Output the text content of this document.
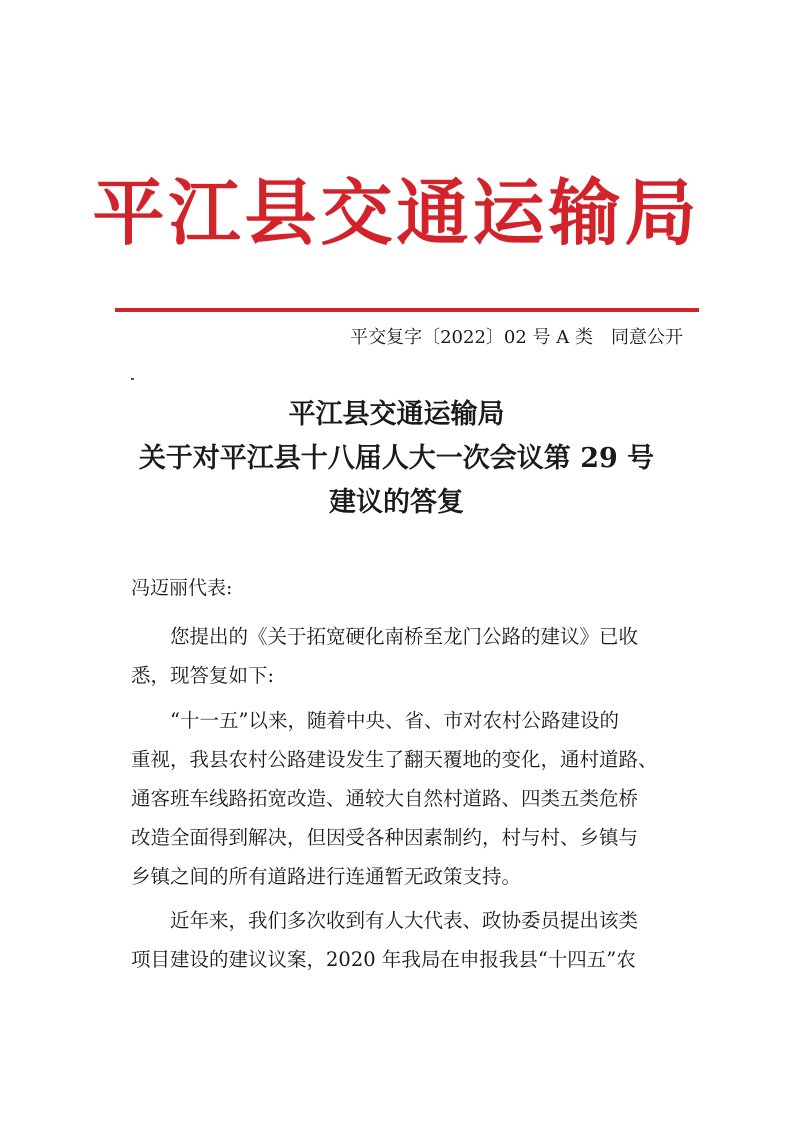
平江县交通运输局
平交复字〔2022〕02 号 A 类　同意公开
平江县交通运输局
关于对平江县十八届人大一次会议第 29 号
建议的答复
冯迈丽代表:
您提出的《关于拓宽硬化南桥至龙门公路的建议》已收
悉，现答复如下:
“十一五”以来，随着中央、省、市对农村公路建设的
重视，我县农村公路建设发生了翻天覆地的变化，通村道路、
通客班车线路拓宽改造、通较大自然村道路、四类五类危桥
改造全面得到解决，但因受各种因素制约，村与村、乡镇与
乡镇之间的所有道路进行连通暂无政策支持。
近年来，我们多次收到有人大代表、政协委员提出该类
项目建设的建议议案，2020 年我局在申报我县“十四五”农
